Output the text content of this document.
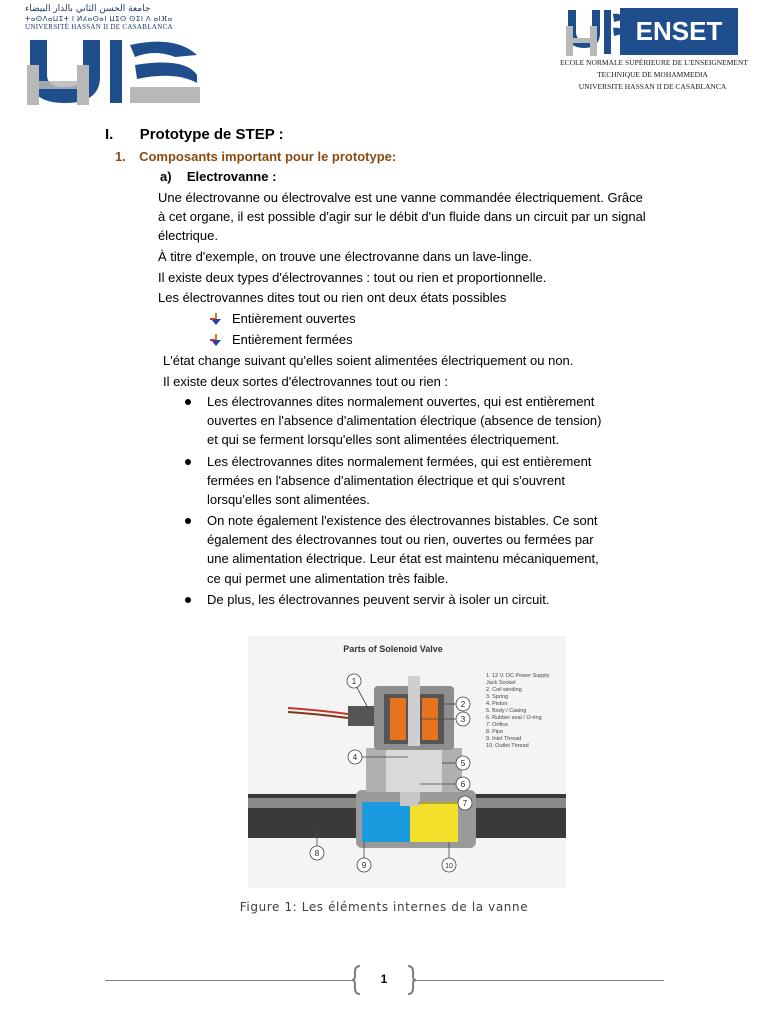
جامعة الحسن الثاني بالدار البيضاء
ⵜⴰⵙⴷⴰⵡⵉⵜ ⵏ ⵍⵃⴰⵙⴰⵏ ⵡⵉⵙ ⵙⵉⵏ ⴷ ⴰⵏⴼⴰ
UNIVERSITÉ HASSAN II DE CASABLANCA	ENSET
ECOLE NORMALE SUPÉRIEURE DE L'ENSEIGNEMENT
TECHNIQUE DE MOHAMMEDIA
UNIVERSITE HASSAN II DE CASABLANCA
I. Prototype de STEP :
1. Composants important pour le prototype:
a) Electrovanne :
Une électrovanne ou électrovalve est une vanne commandée électriquement. Grâce
à cet organe, il est possible d'agir sur le débit d'un fluide dans un circuit par un signal
électrique.
À titre d'exemple, on trouve une électrovanne dans un lave-linge.
Il existe deux types d'électrovannes : tout ou rien et proportionnelle.
Les électrovannes dites tout ou rien ont deux états possibles
Entièrement ouvertes
Entièrement fermées
L'état change suivant qu'elles soient alimentées électriquement ou non.
Il existe deux sortes d'électrovannes tout ou rien :
Les électrovannes dites normalement ouvertes, qui est entièrement
ouvertes en l'absence d'alimentation électrique (absence de tension)
et qui se ferment lorsqu'elles sont alimentées électriquement.
Les électrovannes dites normalement fermées, qui est entièrement
fermées en l'absence d'alimentation électrique et qui s'ouvrent
lorsqu'elles sont alimentées.
On note également l'existence des électrovannes bistables. Ce sont
également des électrovannes tout ou rien, ouvertes ou fermées par
une alimentation électrique. Leur état est maintenu mécaniquement,
ce qui permet une alimentation très faible.
De plus, les électrovannes peuvent servir à isoler un circuit.
Parts of Solenoid Valve
1
2
3
4
5
6
7
8
9	10
1. 12 V. DC Power Supply
Jack Socket
2. Coil winding
3. Spring
4. Piston
5. Body / Casing
6. Rubber seal / O-ring
7. Orifice
8. Pipe
9. Inlet Thread
10. Outlet Thread
Figure 1: Les éléments internes de la vanne
1
